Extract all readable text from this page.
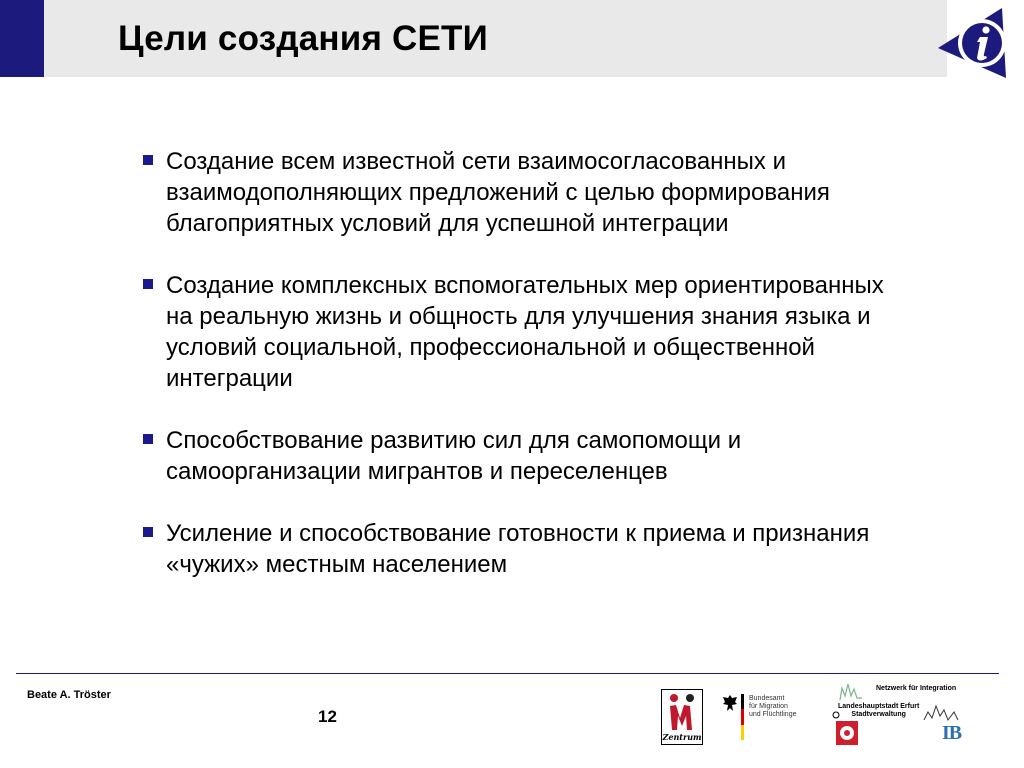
Цели создания СЕТИ
Создание всем известной сети взаимосогласованных и взаимодополняющих предложений с целью формирования благоприятных условий для успешной интеграции
Создание комплексных вспомогательных мер ориентированных на реальную жизнь и общность для улучшения знания языка и условий социальной, профессиональной и общественной интеграции
Способствование развитию сил для самопомощи и самоорганизации мигрантов и переселенцев
Усиление и способствование готовности к приема и признания «чужих» местным населением
Beate A. Tröster
12
Zentrum
Bundesamt
für Migration
und Flüchtlinge
Netzwerk für Integration
Landeshauptstadt Erfurt
Stadtverwaltung
IB
